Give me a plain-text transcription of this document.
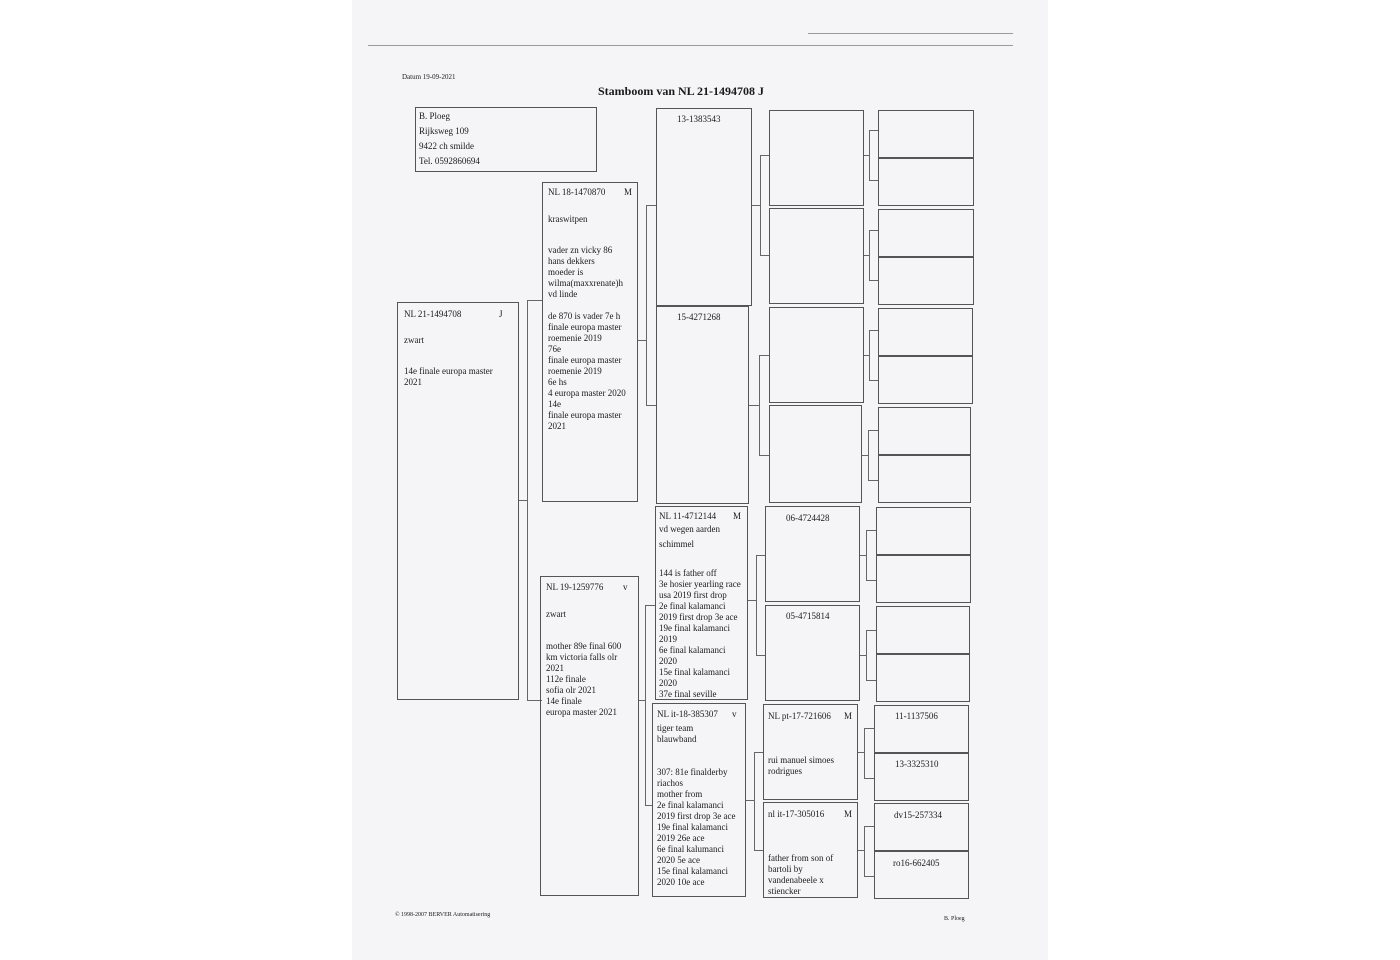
Datum 19-09-2021
Stamboom van NL 21-1494708 J
B. Ploeg
Rijksweg 109
9422 ch smilde
Tel. 0592860694
NL 21-1494708	J
zwart
14e finale europa master
2021
NL 18-1470870 M
kraswitpen
vader zn vicky 86
hans dekkers
moeder is
wilma(maxxrenate)h
vd linde

de 870 is vader 7e h
finale europa master
roemenie 2019
76e
finale europa master
roemenie 2019
6e hs
4 europa master 2020
14e
finale europa master
2021
NL 19-1259776 v
zwart
mother 89e final 600
km victoria falls olr
2021
112e finale
sofia olr 2021
14e finale
europa master 2021
13-1383543
15-4271268
NL 11-4712144 M
vd wegen aarden
schimmel
144 is father off
3e hosier yearling race
usa 2019 first drop
2e final kalamanci
2019 first drop 3e ace
19e final kalamanci
2019
6e final kalamanci
2020
15e final kalamanci
2020
37e final seville
NL it-18-385307 v
tiger team
blauwband
307: 81e finalderby
riachos
mother from
2e final kalamanci
2019 first drop 3e ace
19e final kalamanci
2019 26e ace
6e final kalumanci
2020 5e ace
15e final kalamanci
2020 10e ace
06-4724428
05-4715814
NL pt-17-721606 M
rui manuel simoes
rodrigues
nl it-17-305016 M
father from son of
bartoli by
vandenabeele x
stiencker
11-1137506
13-3325310
dv15-257334
ro16-662405
© 1998-2007 BERVER Automatisering
B. Ploeg
